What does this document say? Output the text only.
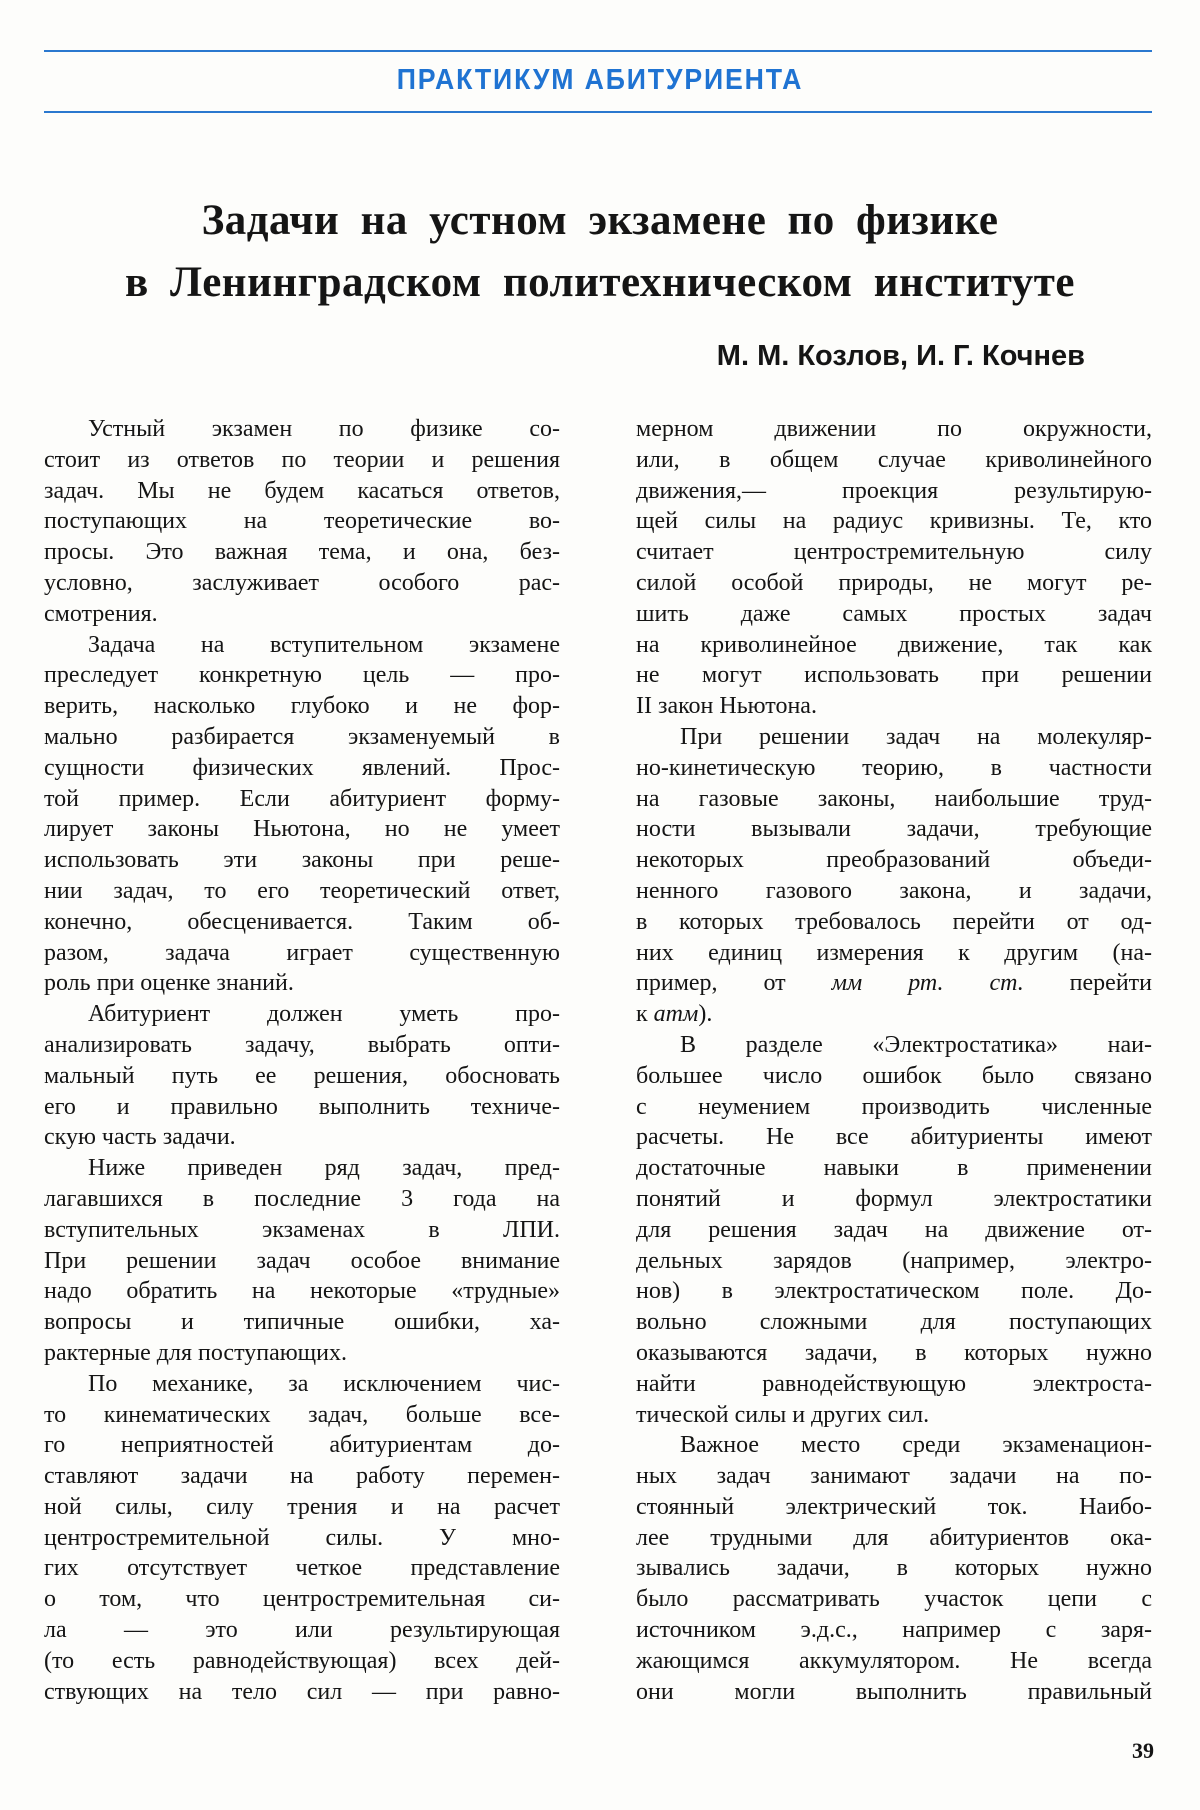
ПРАКТИКУМ АБИТУРИЕНТА
Задачи на устном экзамене по физике
в Ленинградском политехническом институте
М. М. Козлов, И. Г. Кочнев
Устный экзамен по физике со-
стоит из ответов по теории и решения
задач. Мы не будем касаться ответов,
поступающих на теоретические во-
просы. Это важная тема, и она, без-
условно, заслуживает особого рас-
смотрения.
Задача на вступительном экзамене
преследует конкретную цель — про-
верить, насколько глубоко и не фор-
мально разбирается экзаменуемый в
сущности физических явлений. Прос-
той пример. Если абитуриент форму-
лирует законы Ньютона, но не умеет
использовать эти законы при реше-
нии задач, то его теоретический ответ,
конечно, обесценивается. Таким об-
разом, задача играет существенную
роль при оценке знаний.
Абитуриент должен уметь про-
анализировать задачу, выбрать опти-
мальный путь ее решения, обосновать
его и правильно выполнить техниче-
скую часть задачи.
Ниже приведен ряд задач, пред-
лагавшихся в последние 3 года на
вступительных экзаменах в ЛПИ.
При решении задач особое внимание
надо обратить на некоторые «трудные»
вопросы и типичные ошибки, ха-
рактерные для поступающих.
По механике, за исключением чис-
то кинематических задач, больше все-
го неприятностей абитуриентам до-
ставляют задачи на работу перемен-
ной силы, силу трения и на расчет
центростремительной силы. У мно-
гих отсутствует четкое представление
о том, что центростремительная си-
ла — это или результирующая
(то есть равнодействующая) всех дей-
ствующих на тело сил — при равно-
мерном движении по окружности,
или, в общем случае криволинейного
движения,— проекция результирую-
щей силы на радиус кривизны. Те, кто
считает центростремительную силу
силой особой природы, не могут ре-
шить даже самых простых задач
на криволинейное движение, так как
не могут использовать при решении
II закон Ньютона.
При решении задач на молекуляр-
но-кинетическую теорию, в частности
на газовые законы, наибольшие труд-
ности вызывали задачи, требующие
некоторых преобразований объеди-
ненного газового закона, и задачи,
в которых требовалось перейти от од-
них единиц измерения к другим (на-
пример, от мм рт. ст. перейти
к атм).
В разделе «Электростатика» наи-
большее число ошибок было связано
с неумением производить численные
расчеты. Не все абитуриенты имеют
достаточные навыки в применении
понятий и формул электростатики
для решения задач на движение от-
дельных зарядов (например, электро-
нов) в электростатическом поле. До-
вольно сложными для поступающих
оказываются задачи, в которых нужно
найти равнодействующую электроста-
тической силы и других сил.
Важное место среди экзаменацион-
ных задач занимают задачи на по-
стоянный электрический ток. Наибо-
лее трудными для абитуриентов ока-
зывались задачи, в которых нужно
было рассматривать участок цепи с
источником э.д.с., например с заря-
жающимся аккумулятором. Не всегда
они могли выполнить правильный
39
